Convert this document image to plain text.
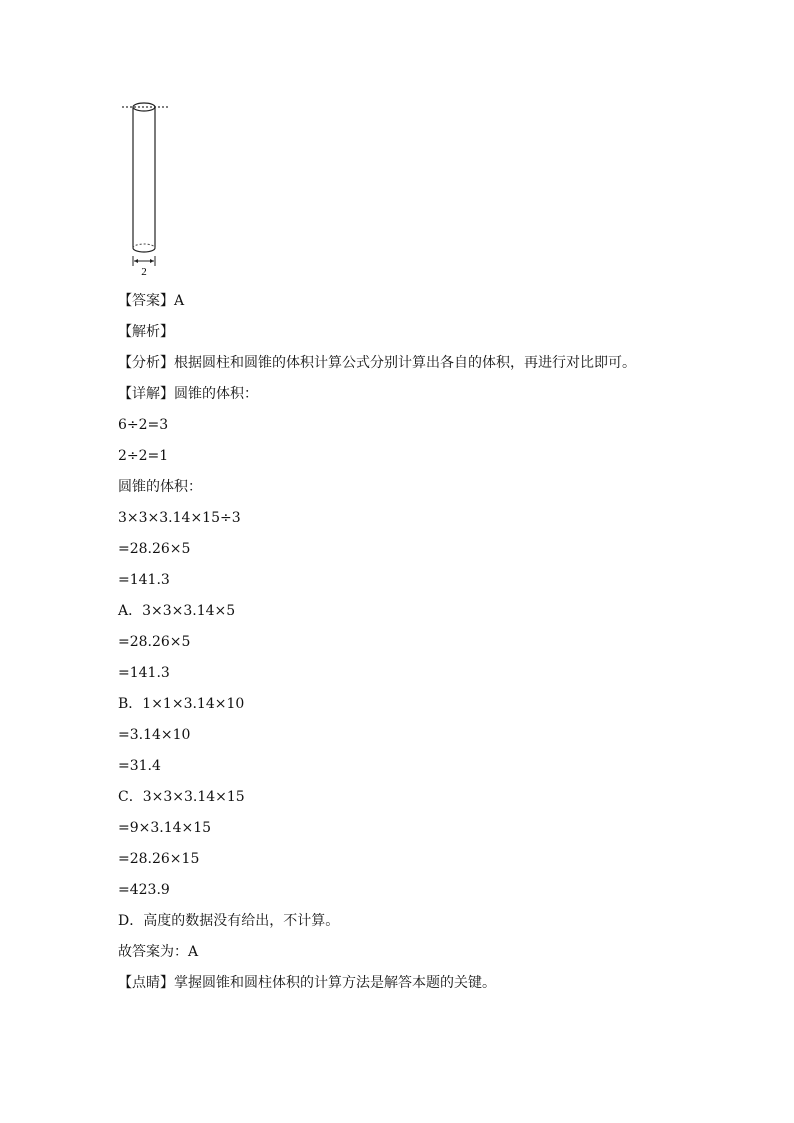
2
【答案】A
【解析】
【分析】根据圆柱和圆锥的体积计算公式分别计算出各自的体积，再进行对比即可。
【详解】圆锥的体积：
6÷2=3
2÷2=1
圆锥的体积：
3×3×3.14×15÷3
=28.26×5
=141.3
A．3×3×3.14×5
=28.26×5
=141.3
B．1×1×3.14×10
=3.14×10
=31.4
C．3×3×3.14×15
=9×3.14×15
=28.26×15
=423.9
D．高度的数据没有给出，不计算。
故答案为：A
【点睛】掌握圆锥和圆柱体积的计算方法是解答本题的关键。
